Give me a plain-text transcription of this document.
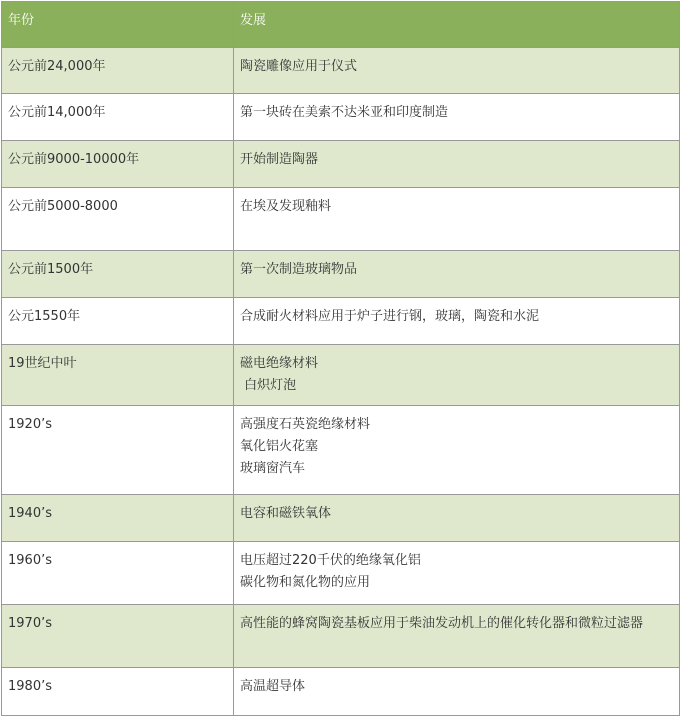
年份	发展
公元前24,000年	陶瓷雕像应用于仪式

公元前14,000年	第一块砖在美索不达米亚和印度制造

公元前9000-10000年	开始制造陶器

公元前5000-8000	在埃及发现釉料

公元前1500年	第一次制造玻璃物品

公元1550年	合成耐火材料应用于炉子进行钢，玻璃，陶瓷和水泥

19世纪中叶	磁电绝缘材料
白炽灯泡

1920’s	高强度石英瓷绝缘材料
氧化铝火花塞
玻璃窗汽车

1940’s	电容和磁铁氧体

1960’s	电压超过220千伏的绝缘氧化铝
碳化物和氮化物的应用

1970’s	高性能的蜂窝陶瓷基板应用于柴油发动机上的催化转化器和微粒过滤器

1980’s	高温超导体
